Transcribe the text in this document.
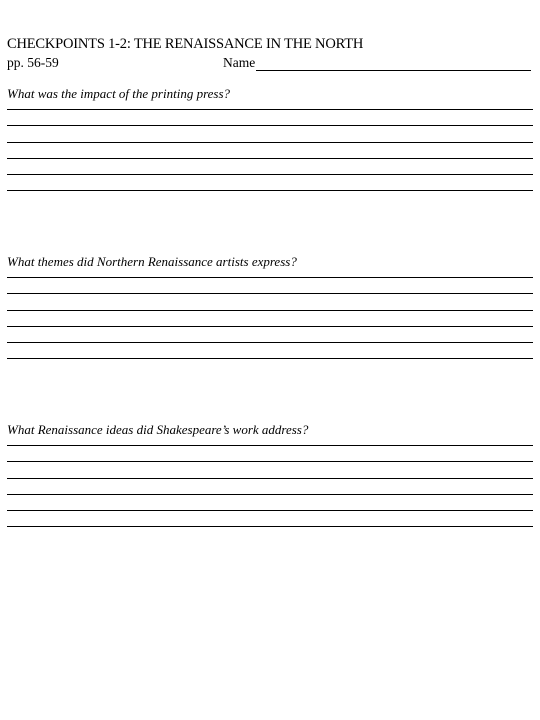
CHECKPOINTS 1-2: THE RENAISSANCE IN THE NORTH
pp. 56-59	Name
What was the impact of the printing press?
What themes did Northern Renaissance artists express?
What Renaissance ideas did Shakespeare’s work address?
